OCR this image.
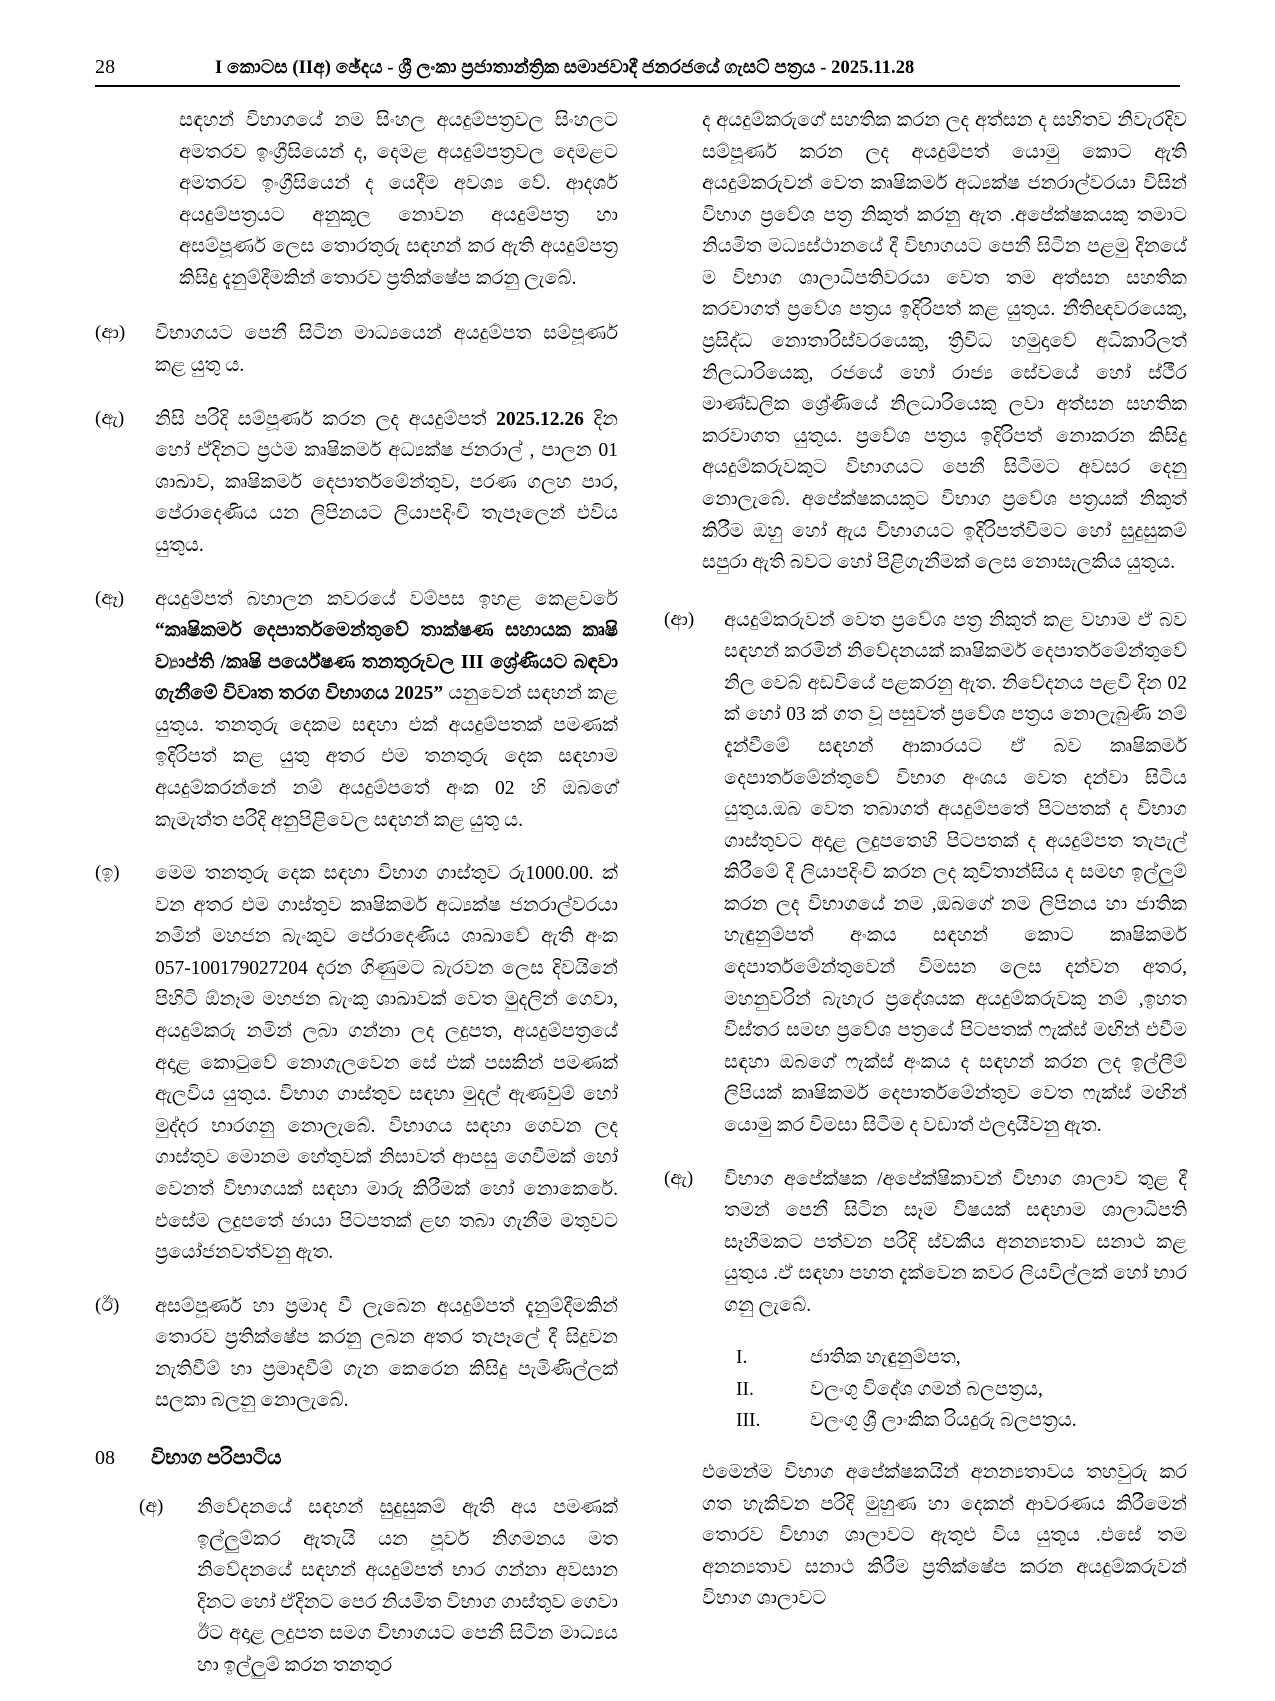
28	I කොටස (IIඅ) ඡේදය - ශ්‍රී ලංකා ප්‍රජාතාන්ත්‍රික සමාජවාදී ජනරජයේ ගැසට් පත්‍රය - 2025.11.28
සඳහන් විභාගයේ නම සිංහල අයදුම්පත්‍රවල සිංහලට අමතරව ඉංග්‍රීසියෙන් ද, දෙමළ අයදුම්පත්‍රවල දෙමළට අමතරව ඉංග්‍රීසියෙන් ද යෙදීම අවශ්‍ය වේ. ආදර්ශ අයදුම්පත්‍රයට අනුකූල නොවන අයදුම්පත්‍ර හා අසම්පූර්ණ ලෙස තොරතුරු සඳහන් කර ඇති අයදුම්පත්‍ර කිසිදු දැනුම්දීමකින් තොරව ප්‍රතික්ෂේප කරනු ලැබේ.
(ආ)	විභාගයට පෙනී සිටින මාධ්‍යයෙන් අයදුම්පත සම්පූර්ණ කළ යුතු ය.
(ඇ)	නිසි පරිදි සම්පූර්ණ කරන ලද අයදුම්පත් 2025.12.26 දින හෝ ඒදිනට ප්‍රථම කෘෂිකර්ම අධ්‍යක්ෂ ජනරාල් , පාලන 01 ශාඛාව, කෘෂිකර්ම දෙපාර්තමේන්තුව, පරණ ගලහ පාර, පේරාදෙණිය යන ලිපිනයට ලියාපදිංචි තැපෑලෙන් එවිය යුතුය.
(ඈ)	අයදුම්පත් බහාලන කවරයේ වම්පස ඉහළ කෙළවරේ “කෘෂිකර්ම දෙපාර්තමෙන්තුවේ තාක්ෂණ සහායක කෘෂි ව්‍යාප්ති /කෘෂි පර්යේෂණ තනතුරුවල III ශ්‍රේණියට බඳවා ගැනීමේ විවෘත තරග විභාගය 2025” යනුවෙන් සඳහන් කළ යුතුය. තනතුරු දෙකම සඳහා එක් අයදුම්පතක් පමණක් ඉදිරිපත් කළ යුතු අතර එම තනතුරු දෙක සඳහාම අයදුම්කරන්නේ නම් අයදුම්පතේ අංක 02 හි ඔබගේ කැමැත්ත පරිදි අනුපිළිවෙල සඳහන් කළ යුතු ය.
(ඉ)	මෙම තනතුරු දෙක සඳහා විභාග ගාස්තුව රු1000.00. ක් වන අතර එම ගාස්තුව කෘෂිකර්ම අධ්‍යක්ෂ ජනරාල්වරයා නමින් මහජන බැංකුව පේරාදෙණිය ශාඛාවේ ඇති අංක 057-100179027204 දරන ගිණුමට බැරවන ලෙස දිවයිනේ පිහිටි ඕනෑම මහජන බැංකු ශාඛාවක් වෙත මුදලින් ගෙවා, අයදුම්කරු නමින් ලබා ගන්නා ලද ලදුපත, අයදුම්පත්‍රයේ අදාළ කොටුවේ නොගැලවෙන සේ එක් පසකින් පමණක් ඇලවිය යුතුය. විභාග ගාස්තුව සඳහා මුදල් ඇණවුම් හෝ මුද්දර භාරගනු නොලැබේ. විභාගය සඳහා ගෙවන ලද ගාස්තුව මොනම හේතුවක් නිසාවත් ආපසු ගෙවීමක් හෝ වෙනත් විභාගයක් සඳහා මාරු කිරීමක් හෝ නොකෙරේ. එසේම ලදුපතේ ඡායා පිටපතක් ළඟ තබා ගැනීම මතුවට ප්‍රයෝජනවත්වනු ඇත.
(ඊ)	අසම්පූර්ණ හා ප්‍රමාද වී ලැබෙන අයදුම්පත් දැනුම්දීමකින් තොරව ප්‍රතික්ෂේප කරනු ලබන අතර තැපෑලේ දී සිදුවන නැතිවීම් හා ප්‍රමාදවීම් ගැන කෙරෙන කිසිදු පැමිණිල්ලක් සලකා බලනු නොලැබේ.
08	විභාග පරිපාටිය
(අ)	නිවේදනයේ සඳහන් සුදුසුකම් ඇති අය පමණක් ඉල්ලුම්කර ඇතැයි යන පූර්ව නිගමනය මත නිවේදනයේ සඳහන් අයදුම්පත් භාර ගන්නා අවසාන දිනට හෝ ඒදිනට පෙර නියමිත විභාග ගාස්තුව ගෙවා ඊට අදාළ ලදුපත සමග විභාගයට පෙනී සිටින මාධ්‍යය හා ඉල්ලුම් කරන තනතුර
ද අයදුම්කරුගේ සහතික කරන ලද අත්සන ද සහිතව නිවැරදිව සම්පූර්ණ කරන ලද අයදුම්පත් යොමු කොට ඇති අයදුම්කරුවන් වෙත කෘෂිකර්ම අධ්‍යක්ෂ ජනරාල්වරයා විසින් විභාග ප්‍රවේශ පත්‍ර නිකුත් කරනු ඇත .අපේක්ෂකයකු තමාට නියමිත මධ්‍යස්ථානයේ දී විභාගයට පෙනී සිටින පළමු දිනයේ ම විභාග ශාලාධිපතිවරයා වෙත තම අත්සන සහතික කරවාගත් ප්‍රවේශ පත්‍රය ඉදිරිපත් කළ යුතුය. නීතිඥවරයෙකු, ප්‍රසිද්ධ නොතාරිස්වරයෙකු, ත්‍රිවිධ හමුදාවේ අධිකාරිලත් නිලධාරියෙකු, රජයේ හෝ රාජ්‍ය සේවයේ හෝ ස්ථීර මාණ්ඩලික ශ්‍රේණියේ නිලධාරියෙකු ලවා අත්සන සහතික කරවාගත යුතුය. ප්‍රවේශ පත්‍රය ඉදිරිපත් නොකරන කිසිදු අයදුම්කරුවකුට විභාගයට පෙනී සිටීමට අවසර දෙනු නොලැබේ. අපේක්ෂකයකුට විභාග ප්‍රවේශ පත්‍රයක් නිකුත් කිරීම ඔහු හෝ ඇය විභාගයට ඉදිරිපත්වීමට හෝ සුදුසුකම් සපුරා ඇති බවට හෝ පිළිගැනීමක් ලෙස නොසැලකිය යුතුය.
(ආ)	අයදුම්කරුවන් වෙත ප්‍රවේශ පත්‍ර නිකුත් කළ වහාම ඒ බව සඳහන් කරමින් නිවේදනයක් කෘෂිකර්ම දෙපාර්තමේන්තුවේ නිල වෙබ් අඩවියේ පළකරනු ඇත. නිවේදනය පළවී දින 02 ක් හෝ 03 ක් ගත වූ පසුවත් ප්‍රවේශ පත්‍රය නොලැබුණි නම් දැන්වීමේ සඳහන් ආකාරයට ඒ බව කෘෂිකර්ම දෙපාර්තමේන්තුවේ විභාග අංශය වෙත දන්වා සිටිය යුතුය.ඔබ වෙත තබාගත් අයදුම්පතේ පිටපතක් ද විභාග ගාස්තුවට අදාළ ලදුපතෙහි පිටපතක් ද අයදුම්පත තැපැල් කිරීමේ දී ලියාපදිංචි කරන ලද කුවිතාන්සිය ද සමඟ ඉල්ලුම් කරන ලද විභාගයේ නම ,ඔබගේ නම ලිපිනය හා ජාතික හැඳුනුම්පත් අංකය සඳහන් කොට කෘෂිකර්ම දෙපාර්තමේන්තුවෙන් විමසන ලෙස දන්වන අතර, මහනුවරින් බැහැර ප්‍රදේශයක අයදුම්කරුවකු නම් ,ඉහත විස්තර සමඟ ප්‍රවේශ පත්‍රයේ පිටපතක් ෆැක්ස් මඟින් එවීම සඳහා ඔබගේ ෆැක්ස් අංකය ද සඳහන් කරන ලද ඉල්ලීම් ලිපියක් කෘෂිකර්ම දෙපාර්තමේන්තුව වෙත ෆැක්ස් මඟින් යොමු කර විමසා සිටීම ද වඩාත් ඵලදායීවනු ඇත.
(ඇ)	විභාග අපේක්ෂක /අපේක්ෂිකාවන් විභාග ශාලාව තුළ දී තමන් පෙනී සිටින සෑම විෂයක් සඳහාම ශාලාධිපති සෑහීමකට පත්වන පරිදි ස්වකීය අනන්‍යතාව සනාථ කළ යුතුය .ඒ සඳහා පහත දැක්වෙන කවර ලියවිල්ලක් හෝ භාර ගනු ලැබේ.
I.	ජාතික හැඳුනුම්පත,
II.	වලංගු විදේශ ගමන් බලපත්‍රය,
III.	වලංගු ශ්‍රී ලාංකික රියදුරු බලපත්‍රය.
එමෙන්ම විභාග අපේක්ෂකයින් අනන්‍යතාවය තහවුරු කර ගත හැකිවන පරිදි මුහුණ හා දෙකන් ආවරණය කිරීමෙන් තොරව විභාග ශාලාවට ඇතුළු විය යුතුය .එසේ තම අනන්‍යතාව සනාථ කිරීම ප්‍රතික්ෂේප කරන අයදුම්කරුවන් විභාග ශාලාවට
